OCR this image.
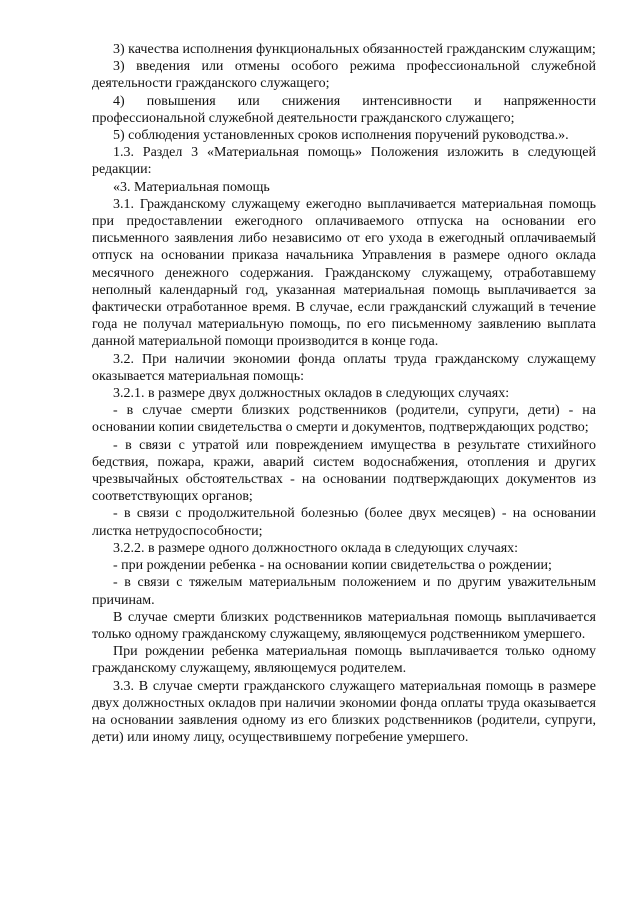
3) качества исполнения функциональных обязанностей гражданским служащим;

3) введения или отмены особого режима профессиональной служебной деятельности гражданского служащего;

4) повышения или снижения интенсивности и напряженности профессиональной служебной деятельности гражданского служащего;

5) соблюдения установленных сроков исполнения поручений руководства.».

1.3. Раздел 3 «Материальная помощь» Положения изложить в следующей редакции:

«3. Материальная помощь

3.1. Гражданскому служащему ежегодно выплачивается материальная помощь при предоставлении ежегодного оплачиваемого отпуска на основании его письменного заявления либо независимо от его ухода в ежегодный оплачиваемый отпуск на основании приказа начальника Управления в размере одного оклада месячного денежного содержания. Гражданскому служащему, отработавшему неполный календарный год, указанная материальная помощь выплачивается за фактически отработанное время. В случае, если гражданский служащий в течение года не получал материальную помощь, по его письменному заявлению выплата данной материальной помощи производится в конце года.

3.2. При наличии экономии фонда оплаты труда гражданскому служащему оказывается материальная помощь:

3.2.1. в размере двух должностных окладов в следующих случаях:

- в случае смерти близких родственников (родители, супруги, дети) - на основании копии свидетельства о смерти и документов, подтверждающих родство;

- в связи с утратой или повреждением имущества в результате стихийного бедствия, пожара, кражи, аварий систем водоснабжения, отопления и других чрезвычайных обстоятельствах - на основании подтверждающих документов из соответствующих органов;

- в связи с продолжительной болезнью (более двух месяцев) - на основании листка нетрудоспособности;

3.2.2. в размере одного должностного оклада в следующих случаях:

- при рождении ребенка - на основании копии свидетельства о рождении;

- в связи с тяжелым материальным положением и по другим уважительным причинам.

В случае смерти близких родственников материальная помощь выплачивается только одному гражданскому служащему, являющемуся родственником умершего.

При рождении ребенка материальная помощь выплачивается только одному гражданскому служащему, являющемуся родителем.

3.3. В случае смерти гражданского служащего материальная помощь в размере двух должностных окладов при наличии экономии фонда оплаты труда оказывается на основании заявления одному из его близких родственников (родители, супруги, дети) или иному лицу, осуществившему погребение умершего.
